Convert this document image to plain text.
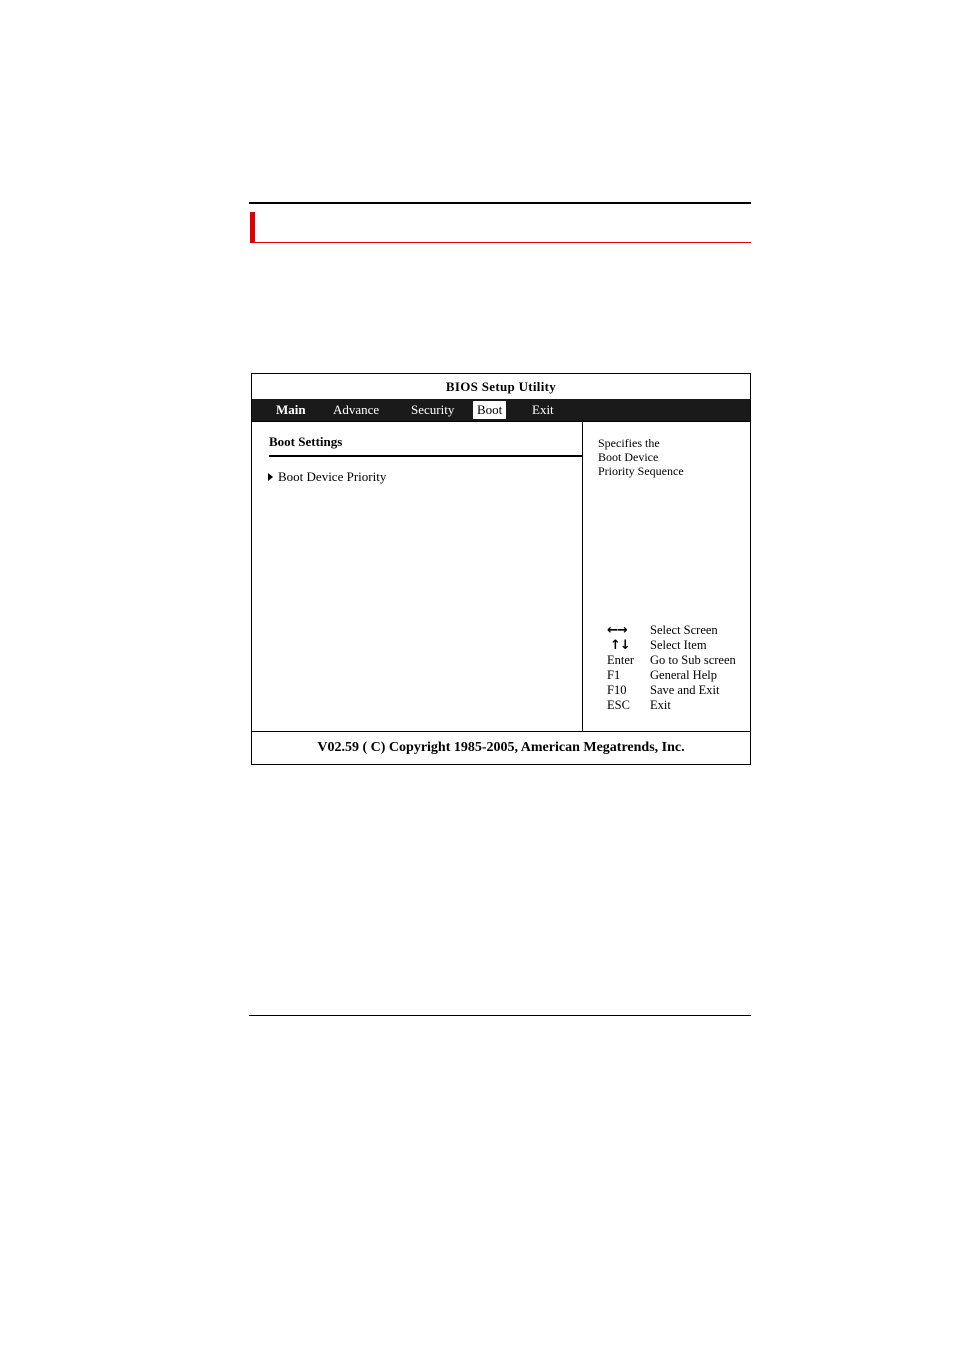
BIOS Setup Utility
Main	Advance	Security	Boot	Exit
Boot Settings
Boot Device Priority
Specifies the
Boot Device
Priority Sequence
←→	Select Screen
↑↓	Select Item
Enter	Go to Sub screen
F1	General Help
F10	Save and Exit
ESC	Exit
V02.59 ( C) Copyright 1985-2005, American Megatrends, Inc.
